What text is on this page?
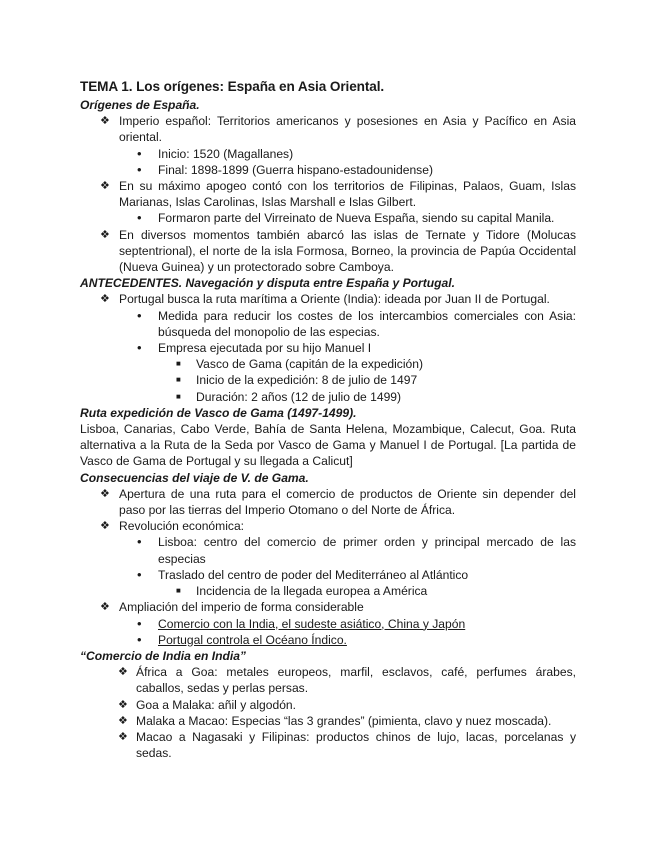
TEMA 1. Los orígenes: España en Asia Oriental.
Orígenes de España.
❖ Imperio español: Territorios americanos y posesiones en Asia y Pacífico en Asia oriental.
• Inicio: 1520 (Magallanes)
• Final: 1898-1899 (Guerra hispano-estadounidense)
❖ En su máximo apogeo contó con los territorios de Filipinas, Palaos, Guam, Islas Marianas, Islas Carolinas, Islas Marshall e Islas Gilbert.
• Formaron parte del Virreinato de Nueva España, siendo su capital Manila.
❖ En diversos momentos también abarcó las islas de Ternate y Tidore (Molucas septentrional), el norte de la isla Formosa, Borneo, la provincia de Papúa Occidental (Nueva Guinea) y un protectorado sobre Camboya.
ANTECEDENTES. Navegación y disputa entre España y Portugal.
❖ Portugal busca la ruta marítima a Oriente (India): ideada por Juan II de Portugal.
• Medida para reducir los costes de los intercambios comerciales con Asia: búsqueda del monopolio de las especias.
• Empresa ejecutada por su hijo Manuel I
■ Vasco de Gama (capitán de la expedición)
■ Inicio de la expedición: 8 de julio de 1497
■ Duración: 2 años (12 de julio de 1499)
Ruta expedición de Vasco de Gama (1497-1499).
Lisboa, Canarias, Cabo Verde, Bahía de Santa Helena, Mozambique, Calecut, Goa. Ruta alternativa a la Ruta de la Seda por Vasco de Gama y Manuel I de Portugal. [La partida de Vasco de Gama de Portugal y su llegada a Calicut]
Consecuencias del viaje de V. de Gama.
❖ Apertura de una ruta para el comercio de productos de Oriente sin depender del paso por las tierras del Imperio Otomano o del Norte de África.
❖ Revolución económica:
• Lisboa: centro del comercio de primer orden y principal mercado de las especias
• Traslado del centro de poder del Mediterráneo al Atlántico
■ Incidencia de la llegada europea a América
❖ Ampliación del imperio de forma considerable
• Comercio con la India, el sudeste asiático, China y Japón
• Portugal controla el Océano Índico.
“Comercio de India en India”
❖ África a Goa: metales europeos, marfil, esclavos, café, perfumes árabes, caballos, sedas y perlas persas.
❖ Goa a Malaka: añil y algodón.
❖ Malaka a Macao: Especias “las 3 grandes” (pimienta, clavo y nuez moscada).
❖ Macao a Nagasaki y Filipinas: productos chinos de lujo, lacas, porcelanas y sedas.
